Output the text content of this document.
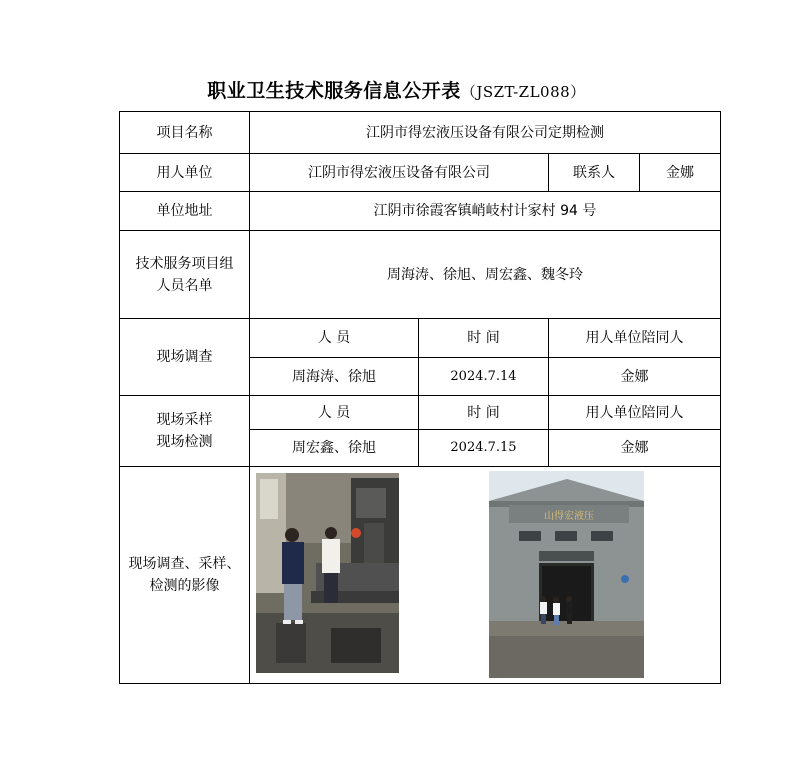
职业卫生技术服务信息公开表（JSZT-ZL088）
项目名称	江阴市得宏液压设备有限公司定期检测			
用人单位	江阴市得宏液压设备有限公司		联系人	金娜
单位地址	江阴市徐霞客镇峭岐村计家村 94 号			

技术服务项目组
人员名单	周海涛、徐旭、周宏鑫、魏冬玲			
现场调查	人 员	时 间	用人单位陪同人	
	周海涛、徐旭	2024.7.14	金娜	

现场采样
现场检测	人 员	时 间	用人单位陪同人	
	周宏鑫、徐旭	2024.7.15	金娜	

现场调查、采样、
检测的影像	山得宏液压			
